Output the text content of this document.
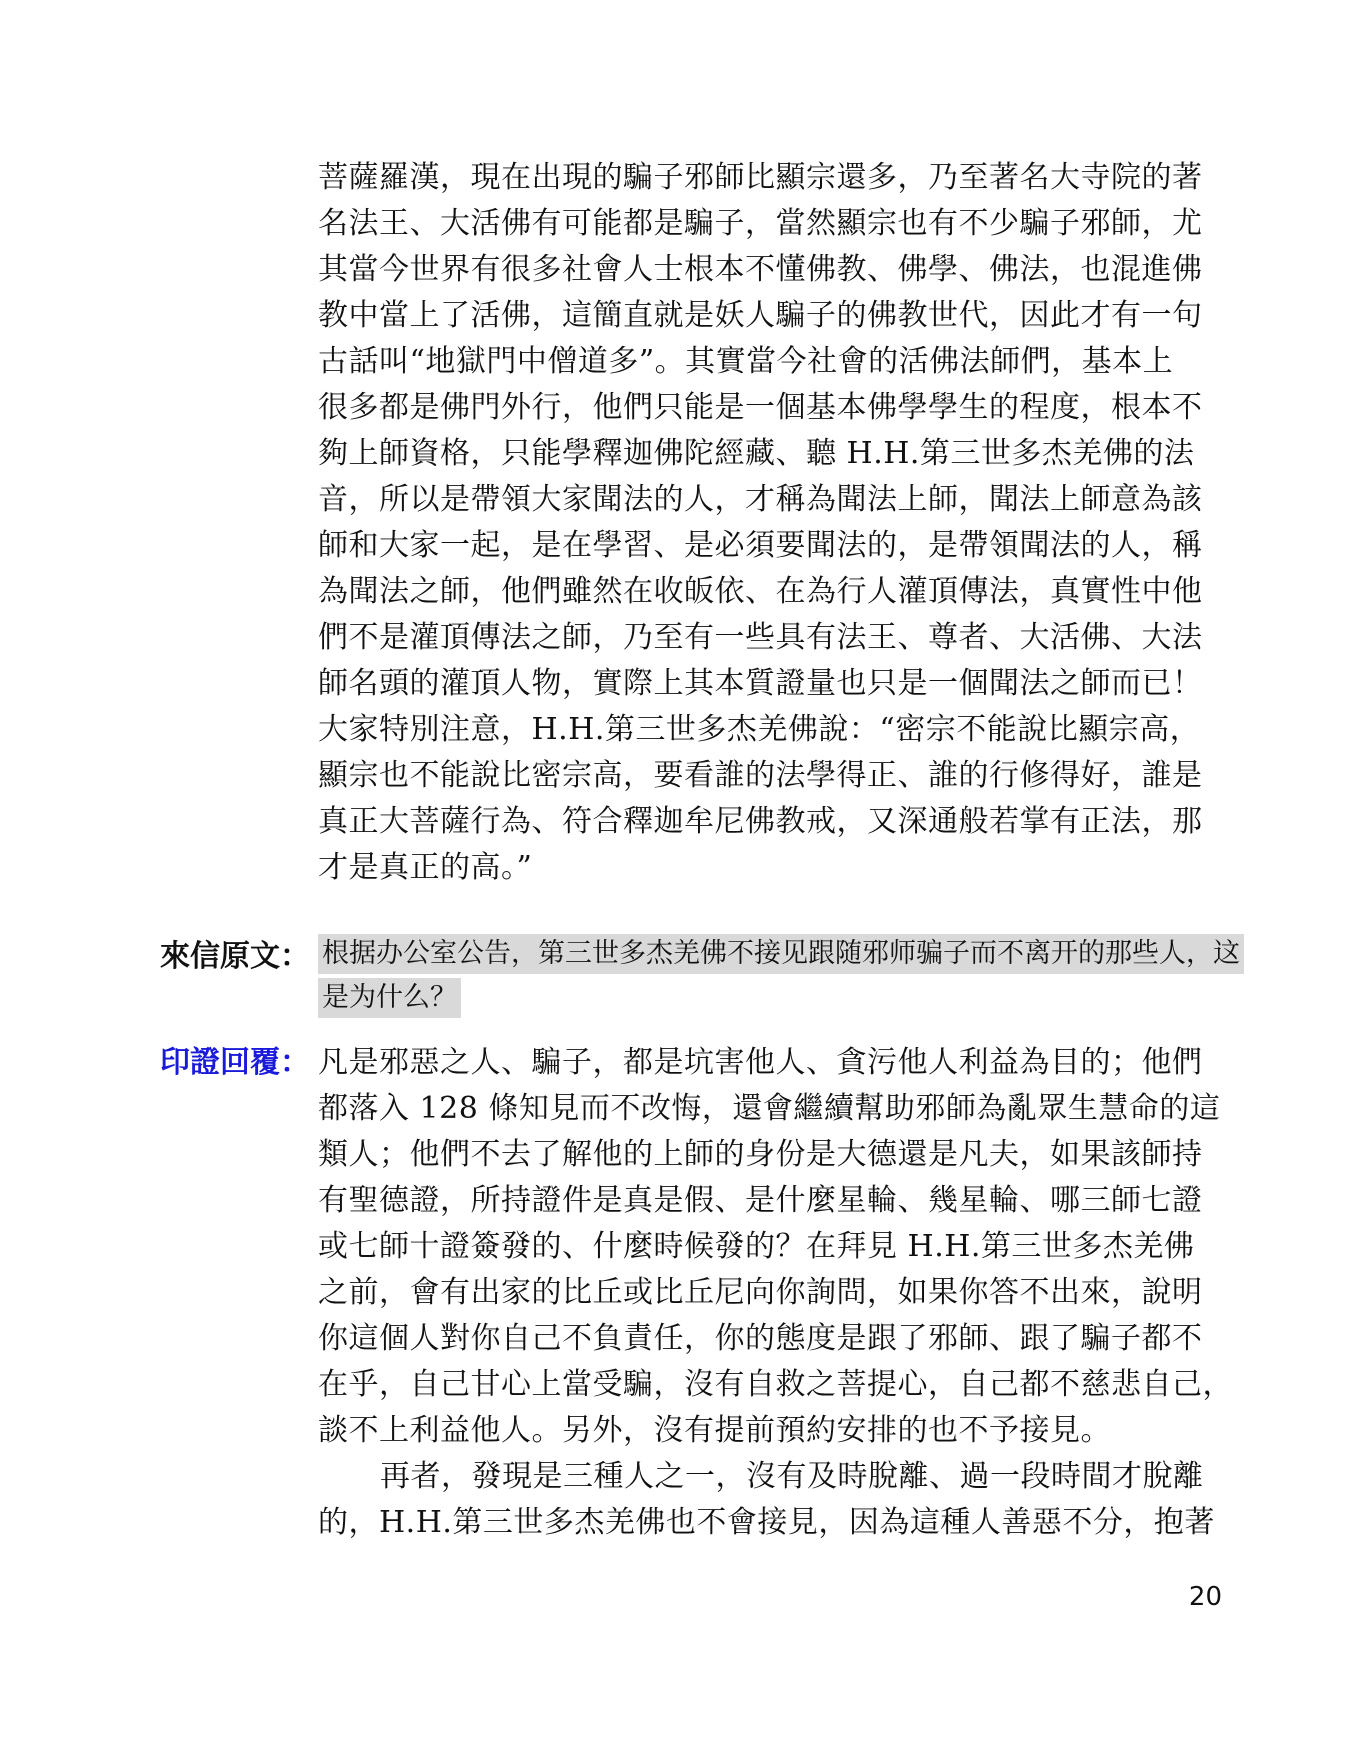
菩薩羅漢，現在出現的騙子邪師比顯宗還多，乃至著名大寺院的著
名法王、大活佛有可能都是騙子，當然顯宗也有不少騙子邪師，尤
其當今世界有很多社會人士根本不懂佛教、佛學、佛法，也混進佛
教中當上了活佛，這簡直就是妖人騙子的佛教世代，因此才有一句
古話叫“地獄門中僧道多”。其實當今社會的活佛法師們，基本上
很多都是佛門外行，他們只能是一個基本佛學學生的程度，根本不
夠上師資格，只能學釋迦佛陀經藏、聽 H.H.第三世多杰羌佛的法
音，所以是帶領大家聞法的人，才稱為聞法上師，聞法上師意為該
師和大家一起，是在學習、是必須要聞法的，是帶領聞法的人，稱
為聞法之師，他們雖然在收皈依、在為行人灌頂傳法，真實性中他
們不是灌頂傳法之師，乃至有一些具有法王、尊者、大活佛、大法
師名頭的灌頂人物，實際上其本質證量也只是一個聞法之師而已！
大家特別注意，H.H.第三世多杰羌佛說：“密宗不能說比顯宗高，
顯宗也不能說比密宗高，要看誰的法學得正、誰的行修得好，誰是
真正大菩薩行為、符合釋迦牟尼佛教戒，又深通般若掌有正法，那
才是真正的高。”
來信原文： 根据办公室公告，第三世多杰羌佛不接见跟随邪师骗子而不离开的那些人，这
是为什么？
印證回覆： 凡是邪惡之人、騙子，都是坑害他人、貪污他人利益為目的；他們
都落入 128 條知見而不改悔，還會繼續幫助邪師為亂眾生慧命的這
類人；他們不去了解他的上師的身份是大德還是凡夫，如果該師持
有聖德證，所持證件是真是假、是什麼星輪、幾星輪、哪三師七證
或七師十證簽發的、什麼時候發的？在拜見 H.H.第三世多杰羌佛
之前，會有出家的比丘或比丘尼向你詢問，如果你答不出來，說明
你這個人對你自己不負責任，你的態度是跟了邪師、跟了騙子都不
在乎，自己甘心上當受騙，沒有自救之菩提心，自己都不慈悲自己，
談不上利益他人。另外，沒有提前預約安排的也不予接見。
再者，發現是三種人之一，沒有及時脫離、過一段時間才脫離
的，H.H.第三世多杰羌佛也不會接見，因為這種人善惡不分，抱著
20
